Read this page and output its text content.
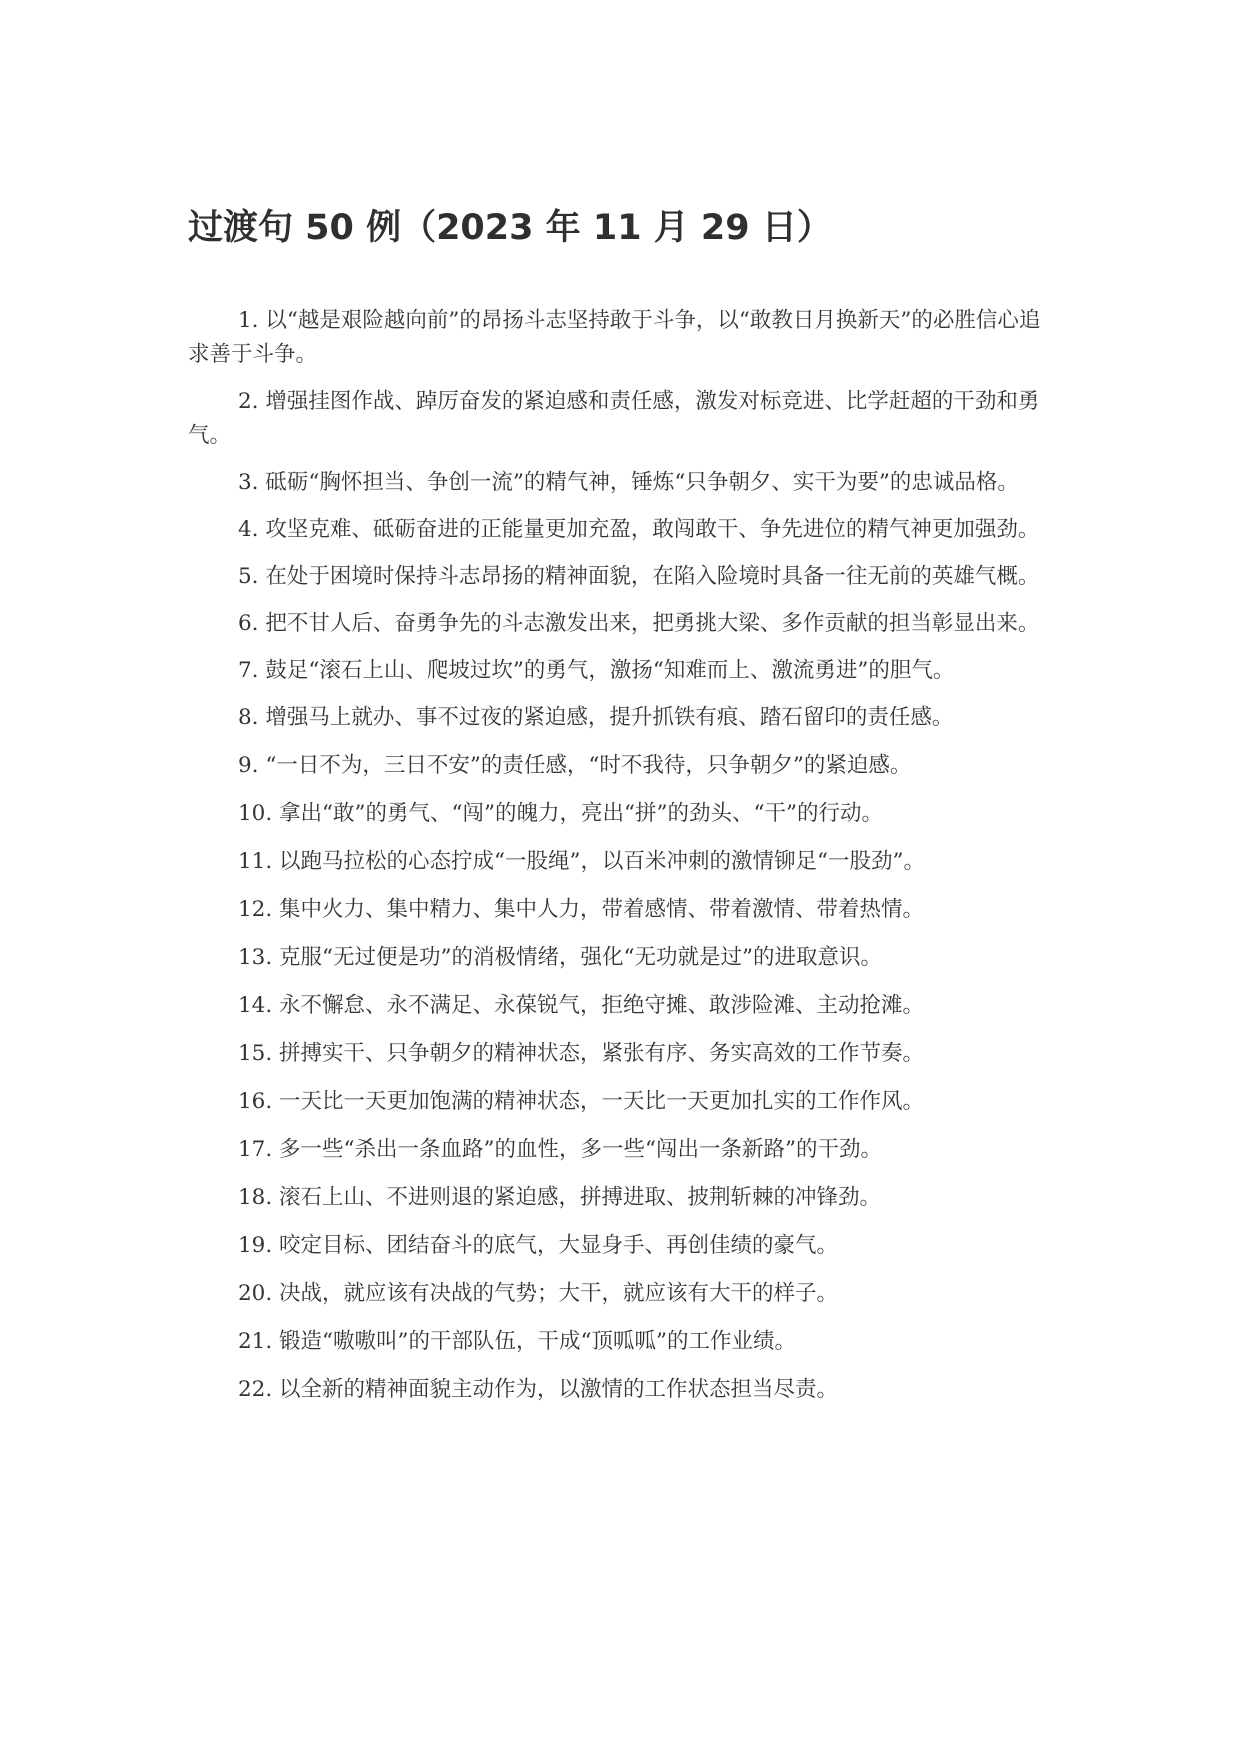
过渡句 50 例（2023 年 11 月 29 日）

1. 以“越是艰险越向前”的昂扬斗志坚持敢于斗争，以“敢教日月换新天”的必胜信心追求善于斗争。

2. 增强挂图作战、踔厉奋发的紧迫感和责任感，激发对标竞进、比学赶超的干劲和勇气。

3. 砥砺“胸怀担当、争创一流”的精气神，锤炼“只争朝夕、实干为要”的忠诚品格。

4. 攻坚克难、砥砺奋进的正能量更加充盈，敢闯敢干、争先进位的精气神更加强劲。

5. 在处于困境时保持斗志昂扬的精神面貌，在陷入险境时具备一往无前的英雄气概。

6. 把不甘人后、奋勇争先的斗志激发出来，把勇挑大梁、多作贡献的担当彰显出来。

7. 鼓足“滚石上山、爬坡过坎”的勇气，激扬“知难而上、激流勇进”的胆气。

8. 增强马上就办、事不过夜的紧迫感，提升抓铁有痕、踏石留印的责任感。

9. “一日不为，三日不安”的责任感，“时不我待，只争朝夕”的紧迫感。

10. 拿出“敢”的勇气、“闯”的魄力，亮出“拼”的劲头、“干”的行动。

11. 以跑马拉松的心态拧成“一股绳”，以百米冲刺的激情铆足“一股劲”。

12. 集中火力、集中精力、集中人力，带着感情、带着激情、带着热情。

13. 克服“无过便是功”的消极情绪，强化“无功就是过”的进取意识。

14. 永不懈怠、永不满足、永葆锐气，拒绝守摊、敢涉险滩、主动抢滩。

15. 拼搏实干、只争朝夕的精神状态，紧张有序、务实高效的工作节奏。

16. 一天比一天更加饱满的精神状态，一天比一天更加扎实的工作作风。

17. 多一些“杀出一条血路”的血性，多一些“闯出一条新路”的干劲。

18. 滚石上山、不进则退的紧迫感，拼搏进取、披荆斩棘的冲锋劲。

19. 咬定目标、团结奋斗的底气，大显身手、再创佳绩的豪气。

20. 决战，就应该有决战的气势；大干，就应该有大干的样子。

21. 锻造“嗷嗷叫”的干部队伍，干成“顶呱呱”的工作业绩。

22. 以全新的精神面貌主动作为，以激情的工作状态担当尽责。
